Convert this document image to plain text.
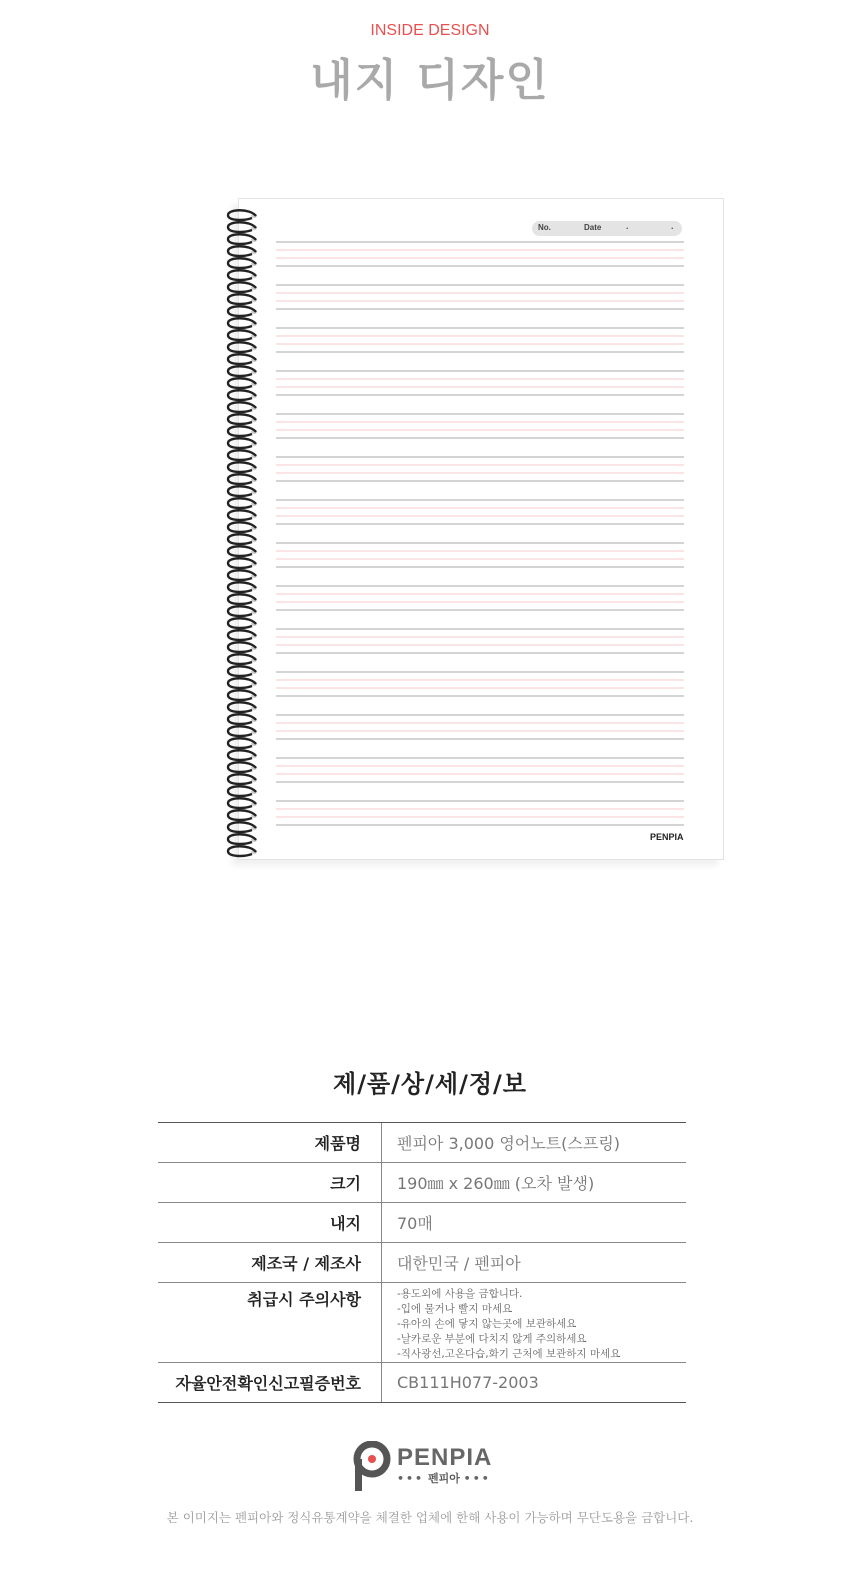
INSIDE DESIGN
내지 디자인
No.	Date	. .
PENPIA
제/품/상/세/정/보
제품명	펜피아 3,000 영어노트(스프링)
크기	190㎜ x 260㎜ (오차 발생)
내지	70매
제조국 / 제조사	대한민국 / 펜피아
취급시 주의사항	-용도외에 사용을 금합니다.
-입에 물거나 빨지 마세요
-유아의 손에 닿지 않는곳에 보관하세요
-날카로운 부분에 다치지 않게 주의하세요
-직사광선,고온다습,화기 근처에 보관하지 마세요
자율안전확인신고필증번호	CB111H077-2003
PENPIA
••• 펜피아 •••
본 이미지는 펜피아와 정식유통계약을 체결한 업체에 한해 사용이 가능하며 무단도용을 금합니다.
